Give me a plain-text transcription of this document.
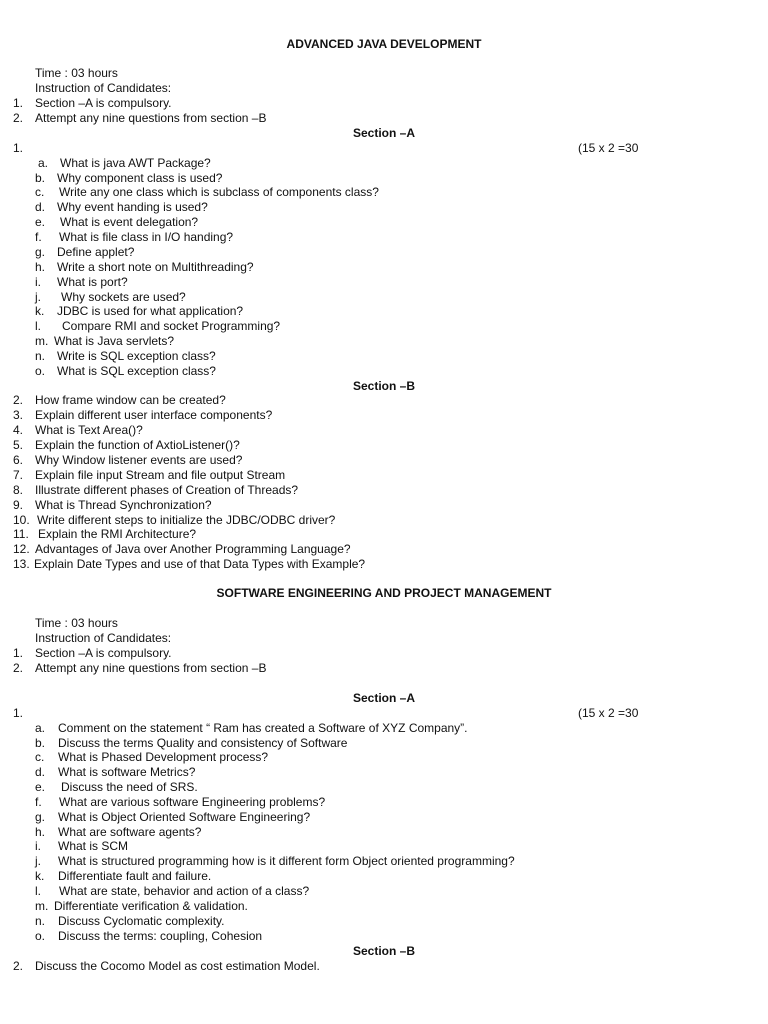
ADVANCED JAVA DEVELOPMENT
Time : 03 hours
Instruction of Candidates:
1. Section –A is compulsory.
2. Attempt any nine questions from section –B
Section –A
1.	(15 x 2 =30
a. What is java AWT Package?
b. Why component class is used?
c. Write any one class which is subclass of components class?
d. Why event handing is used?
e. What is event delegation?
f. What is file class in I/O handing?
g. Define applet?
h. Write a short note on Multithreading?
i. What is port?
j. Why sockets are used?
k. JDBC is used for what application?
l. Compare RMI and socket Programming?
m. What is Java servlets?
n. Write is SQL exception class?
o. What is SQL exception class?
Section –B
2. How frame window can be created?
3. Explain different user interface components?
4. What is Text Area()?
5. Explain the function of AxtioListener()?
6. Why Window listener events are used?
7. Explain file input Stream and file output Stream
8. Illustrate different phases of Creation of Threads?
9. What is Thread Synchronization?
10. Write different steps to initialize the JDBC/ODBC driver?
11. Explain the RMI Architecture?
12. Advantages of Java over Another Programming Language?
13. Explain Date Types and use of that Data Types with Example?
SOFTWARE ENGINEERING AND PROJECT MANAGEMENT
Time : 03 hours
Instruction of Candidates:
1. Section –A is compulsory.
2. Attempt any nine questions from section –B
Section –A
1.	(15 x 2 =30
a. Comment on the statement “ Ram has created a Software of XYZ Company”.
b. Discuss the terms Quality and consistency of Software
c. What is Phased Development process?
d. What is software Metrics?
e. Discuss the need of SRS.
f. What are various software Engineering problems?
g. What is Object Oriented Software Engineering?
h. What are software agents?
i. What is SCM
j. What is structured programming how is it different form Object oriented programming?
k. Differentiate fault and failure.
l. What are state, behavior and action of a class?
m. Differentiate verification & validation.
n. Discuss Cyclomatic complexity.
o. Discuss the terms: coupling, Cohesion
Section –B
2. Discuss the Cocomo Model as cost estimation Model.
